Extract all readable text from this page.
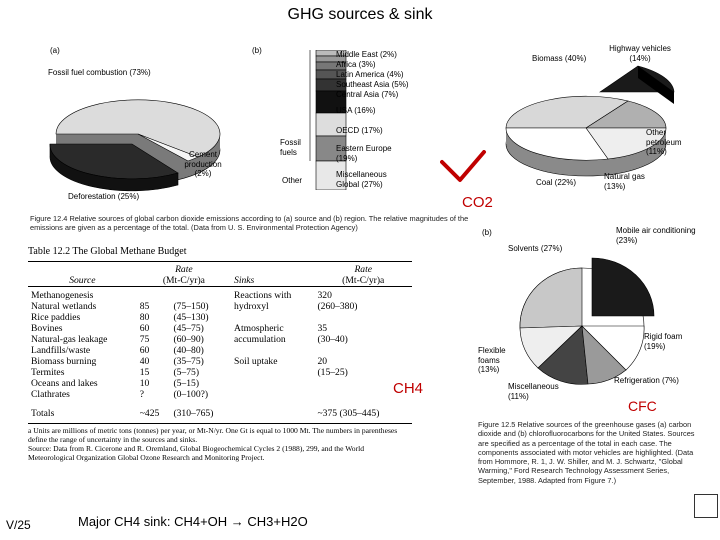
GHG sources & sink
(a)	(b)
Fossil fuel combustion (73%)
Cement production (2%)
Deforestation (25%)
Fossil fuels
Other
Middle East (2%)
Africa (3%)
Latin America (4%)
Southeast Asia (5%)
Central Asia (7%)
USA (16%)
OECD (17%)
Eastern Europe (19%)
Miscellaneous Global (27%)
Figure 12.4 Relative sources of global carbon dioxide emissions according to (a) source and (b) region. The relative magnitudes of the emissions are given as a percentage of the total. (Data from U. S. Environmental Protection Agency)
CO2
Table 12.2 The Global Methane Budget
	Rate			Rate	
Source	(Mt-C/yr)a		Sinks	(Mt-C/yr)a	

Methanogenesis			Reactions with	320	
Natural wetlands	85	(75–150)	hydroxyl	(260–380)	
Rice paddies	80	(45–130)			
Bovines	60	(45–75)	Atmospheric	35	
Natural-gas leakage	75	(60–90)	accumulation	(30–40)	
Landfills/waste	60	(40–80)			
Biomass burning	40	(35–75)	Soil uptake	20	
Termites	15	(5–75)		(15–25)	
Oceans and lakes	10	(5–15)			
Clathrates	?	(0–100?)			

Totals	~425	(310–765)		~375 (305–445)	
a Units are millions of metric tons (tonnes) per year, or Mt-N/yr. One Gt is equal to 1000 Mt. The numbers in parentheses define the range of uncertainty in the sources and sinks.
Source: Data from R. Cicerone and R. Oremland, Global Biogeochemical Cycles 2 (1988), 299, and the World Meteorological Organization Global Ozone Research and Monitoring Project.
CH4
Biomass (40%)
Highway vehicles (14%)
Other petroleum (11%)
Natural gas (13%)
Coal (22%)
(b)
Solvents (27%)
Mobile air conditioning (23%)
Rigid foam (19%)
Refrigeration (7%)
Miscellaneous (11%)
Flexible foams (13%)
CFC
Figure 12.5 Relative sources of the greenhouse gases (a) carbon dioxide and (b) chlorofluorocarbons for the United States. Sources are specified as a percentage of the total in each case. The components associated with motor vehicles are highlighted. (Data from Hommore, R. 1, J. W. Shiller, and M. J. Schwartz, "Global Warming," Ford Research Technology Assessment Series, September, 1988. Adapted from Figure 7.)
V/25	Major CH4 sink: CH4+OH → CH3+H2O
